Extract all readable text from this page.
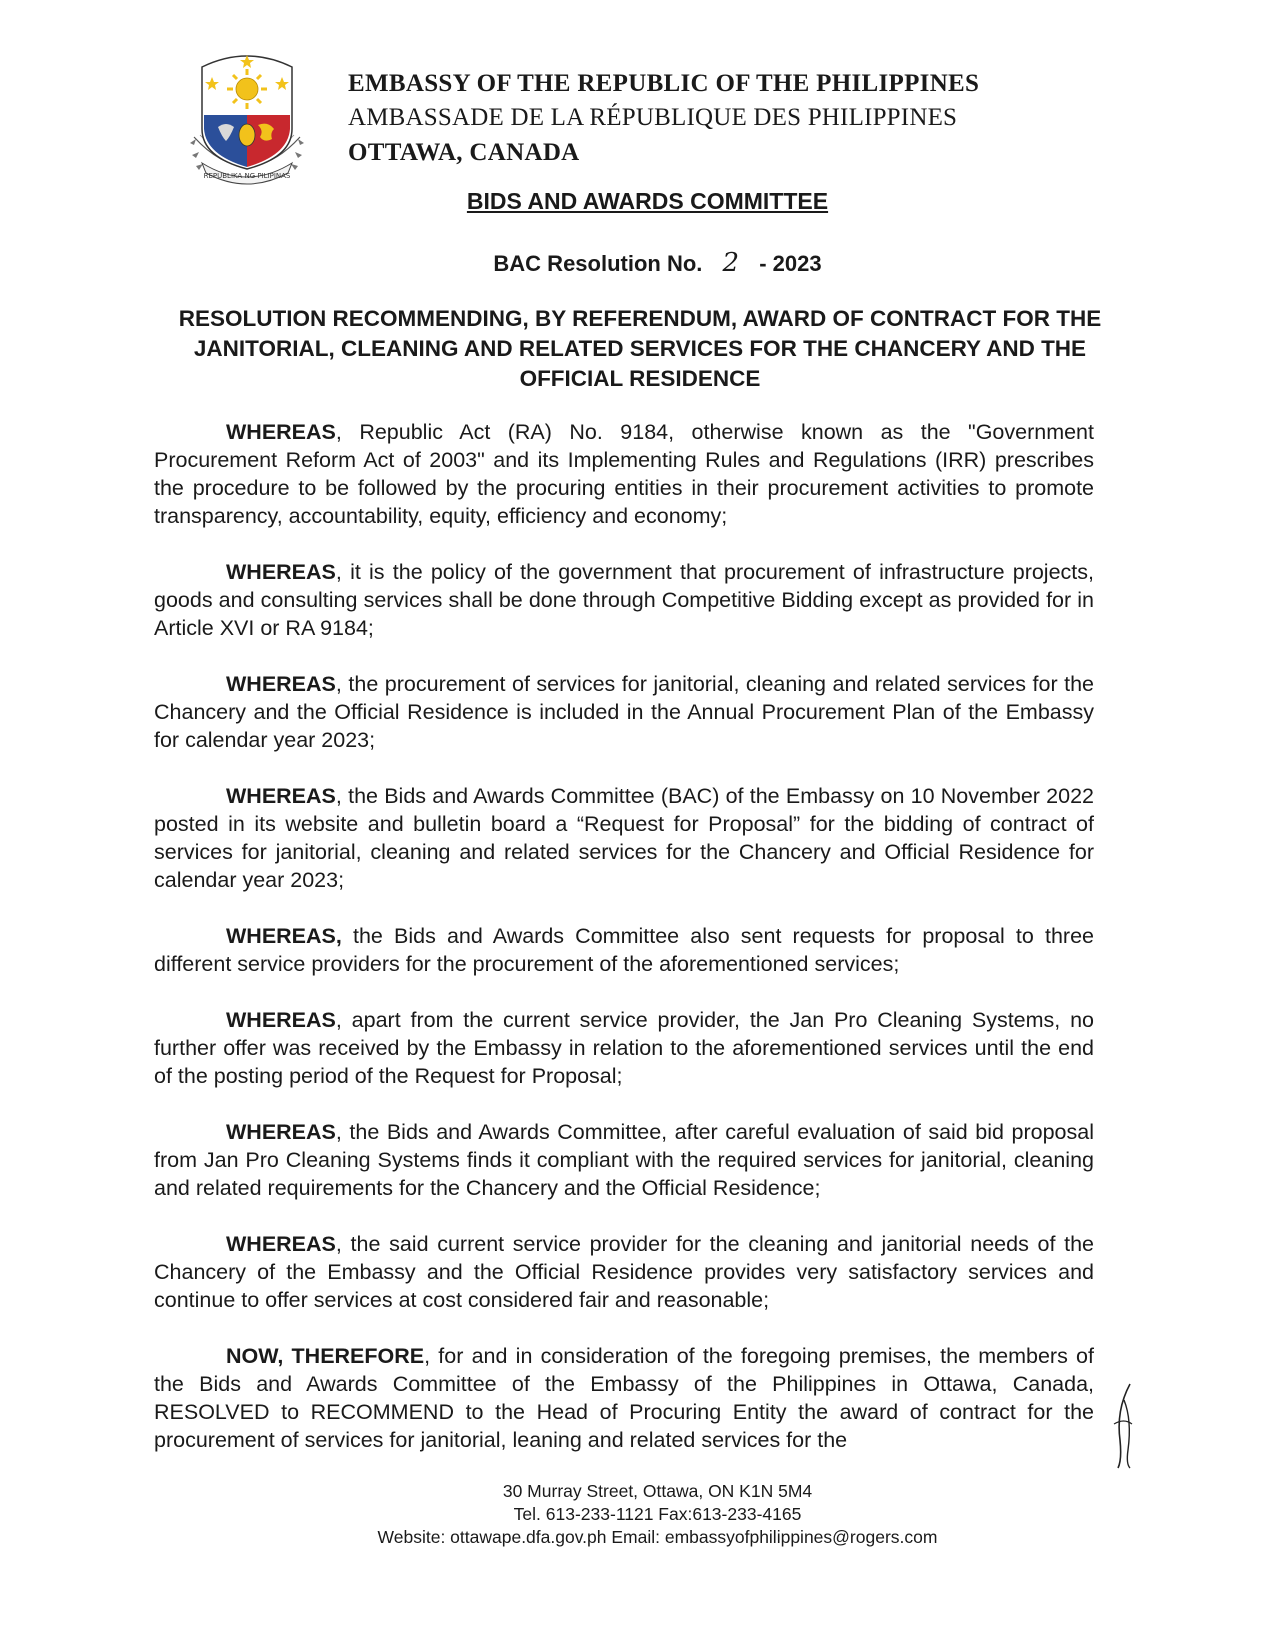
REPUBLIKA NG PILIPINAS
EMBASSY OF THE REPUBLIC OF THE PHILIPPINES
AMBASSADE DE LA RÉPUBLIQUE DES PHILIPPINES
OTTAWA, CANADA
BIDS AND AWARDS COMMITTEE
BAC Resolution No. 2 - 2023
RESOLUTION RECOMMENDING, BY REFERENDUM, AWARD OF CONTRACT FOR THE JANITORIAL, CLEANING AND RELATED SERVICES FOR THE CHANCERY AND THE OFFICIAL RESIDENCE

WHEREAS, Republic Act (RA) No. 9184, otherwise known as the "Government Procurement Reform Act of 2003" and its Implementing Rules and Regulations (IRR) prescribes the procedure to be followed by the procuring entities in their procurement activities to promote transparency, accountability, equity, efficiency and economy;

WHEREAS, it is the policy of the government that procurement of infrastructure projects, goods and consulting services shall be done through Competitive Bidding except as provided for in Article XVI or RA 9184;

WHEREAS, the procurement of services for janitorial, cleaning and related services for the Chancery and the Official Residence is included in the Annual Procurement Plan of the Embassy for calendar year 2023;

WHEREAS, the Bids and Awards Committee (BAC) of the Embassy on 10 November 2022 posted in its website and bulletin board a “Request for Proposal” for the bidding of contract of services for janitorial, cleaning and related services for the Chancery and Official Residence for calendar year 2023;

WHEREAS, the Bids and Awards Committee also sent requests for proposal to three different service providers for the procurement of the aforementioned services;

WHEREAS, apart from the current service provider, the Jan Pro Cleaning Systems, no further offer was received by the Embassy in relation to the aforementioned services until the end of the posting period of the Request for Proposal;

WHEREAS, the Bids and Awards Committee, after careful evaluation of said bid proposal from Jan Pro Cleaning Systems finds it compliant with the required services for janitorial, cleaning and related requirements for the Chancery and the Official Residence;

WHEREAS, the said current service provider for the cleaning and janitorial needs of the Chancery of the Embassy and the Official Residence provides very satisfactory services and continue to offer services at cost considered fair and reasonable;

NOW, THEREFORE, for and in consideration of the foregoing premises, the members of the Bids and Awards Committee of the Embassy of the Philippines in Ottawa, Canada, RESOLVED to RECOMMEND to the Head of Procuring Entity the award of contract for the procurement of services for janitorial, leaning and related services for the

30 Murray Street, Ottawa, ON K1N 5M4
Tel. 613-233-1121 Fax:613-233-4165
Website: ottawape.dfa.gov.ph Email: embassyofphilippines@rogers.com
